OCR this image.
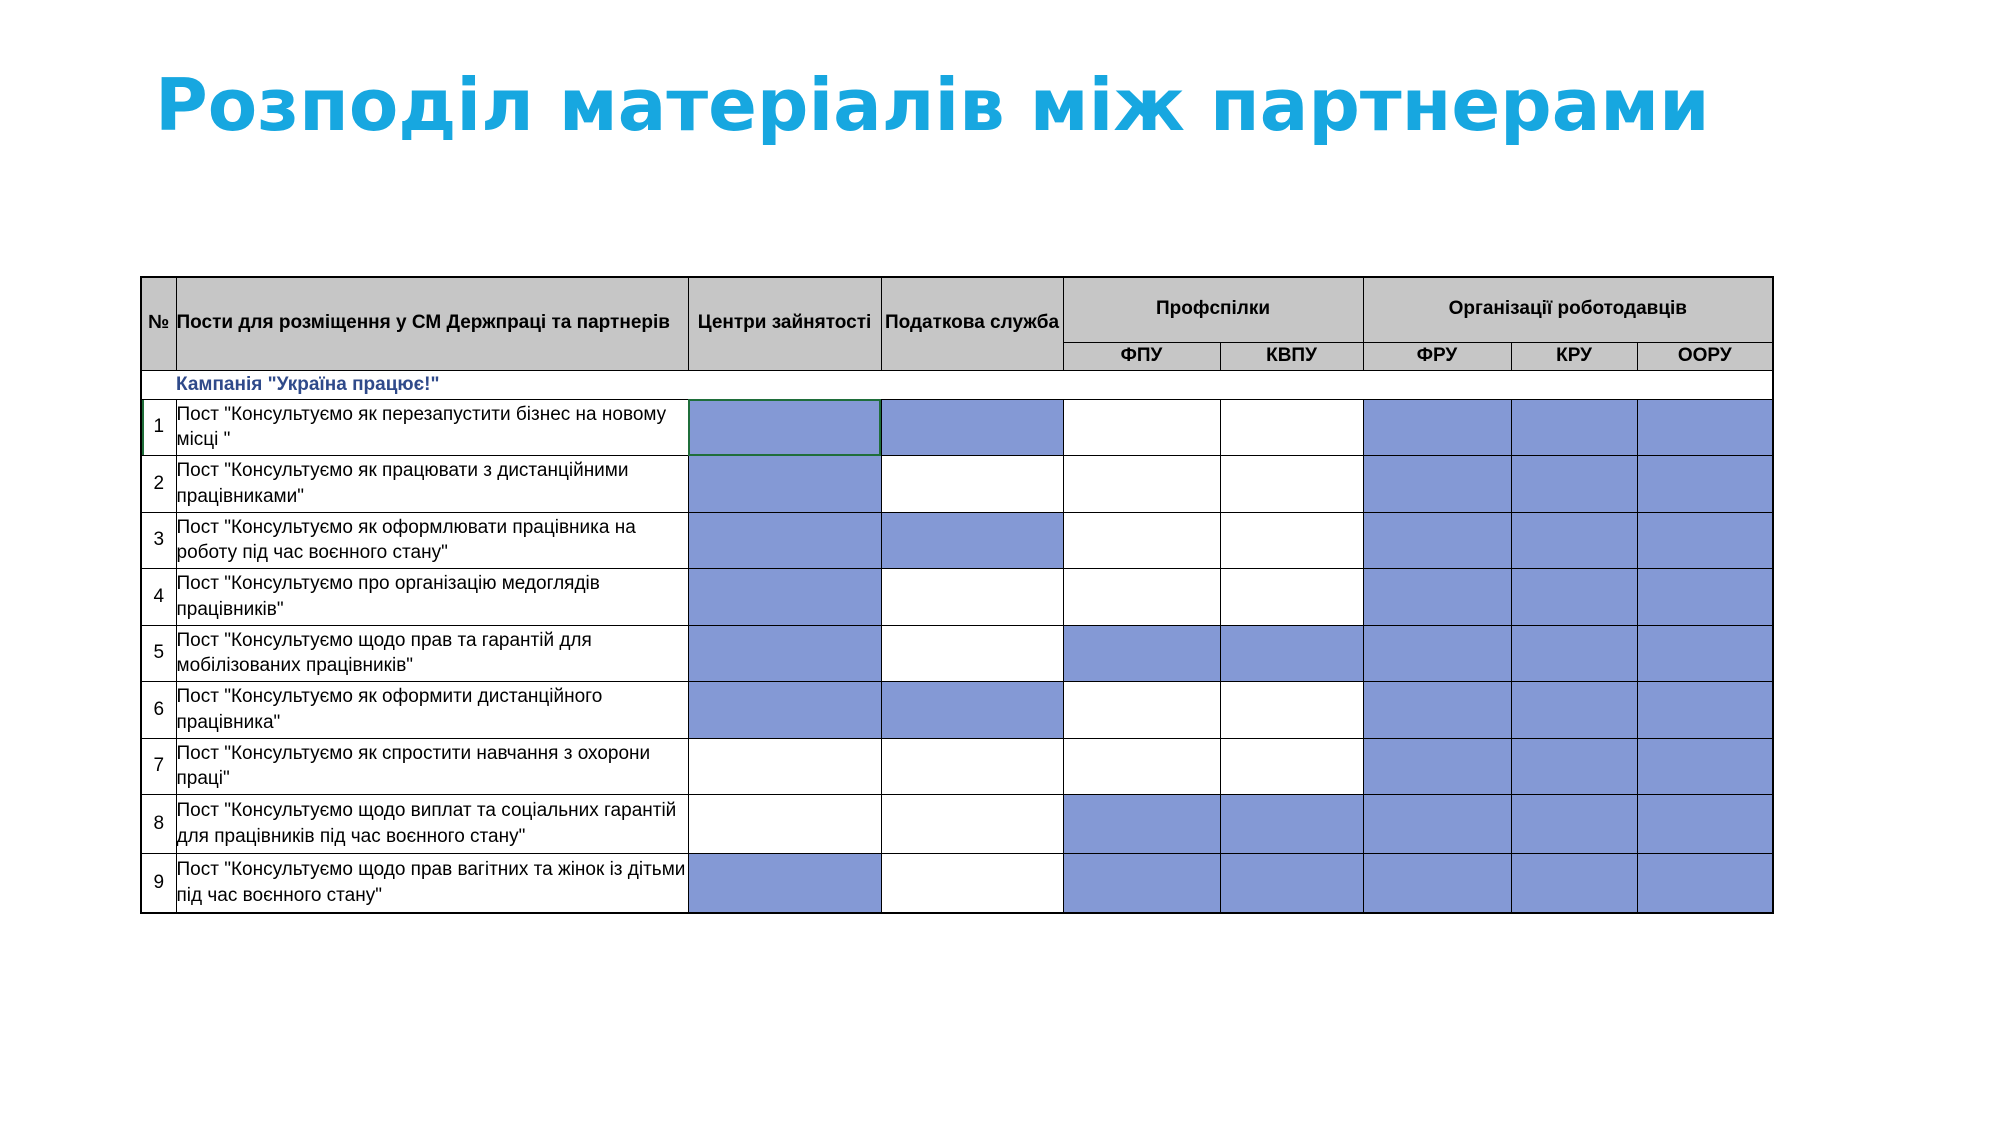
Розподіл матеріалів між партнерами
№	Пости для розміщення у СМ Держпраці та партнерів	Центри зайнятості	Податкова служба	Профспілки		Організації роботодавців		
				ФПУ	КВПУ	ФРУ	КРУ	ООРУ
	Кампанія "Україна працює!"							
1	Пост "Консультуємо як перезапустити бізнес на новому місці "							
2	Пост "Консультуємо як працювати з дистанційними працівниками"							
3	Пост "Консультуємо як оформлювати працівника на роботу під час воєнного стану"							
4	Пост "Консультуємо про організацію медоглядів працівників"							
5	Пост "Консультуємо щодо прав та гарантій для мобілізованих працівників"							
6	Пост "Консультуємо як оформити дистанційного працівника"							
7	Пост "Консультуємо як спростити навчання з охорони праці"							
8	Пост "Консультуємо щодо виплат та соціальних гарантій для працівників під час воєнного стану"							
9	Пост "Консультуємо щодо прав вагітних та жінок із дітьми під час воєнного стану"							
